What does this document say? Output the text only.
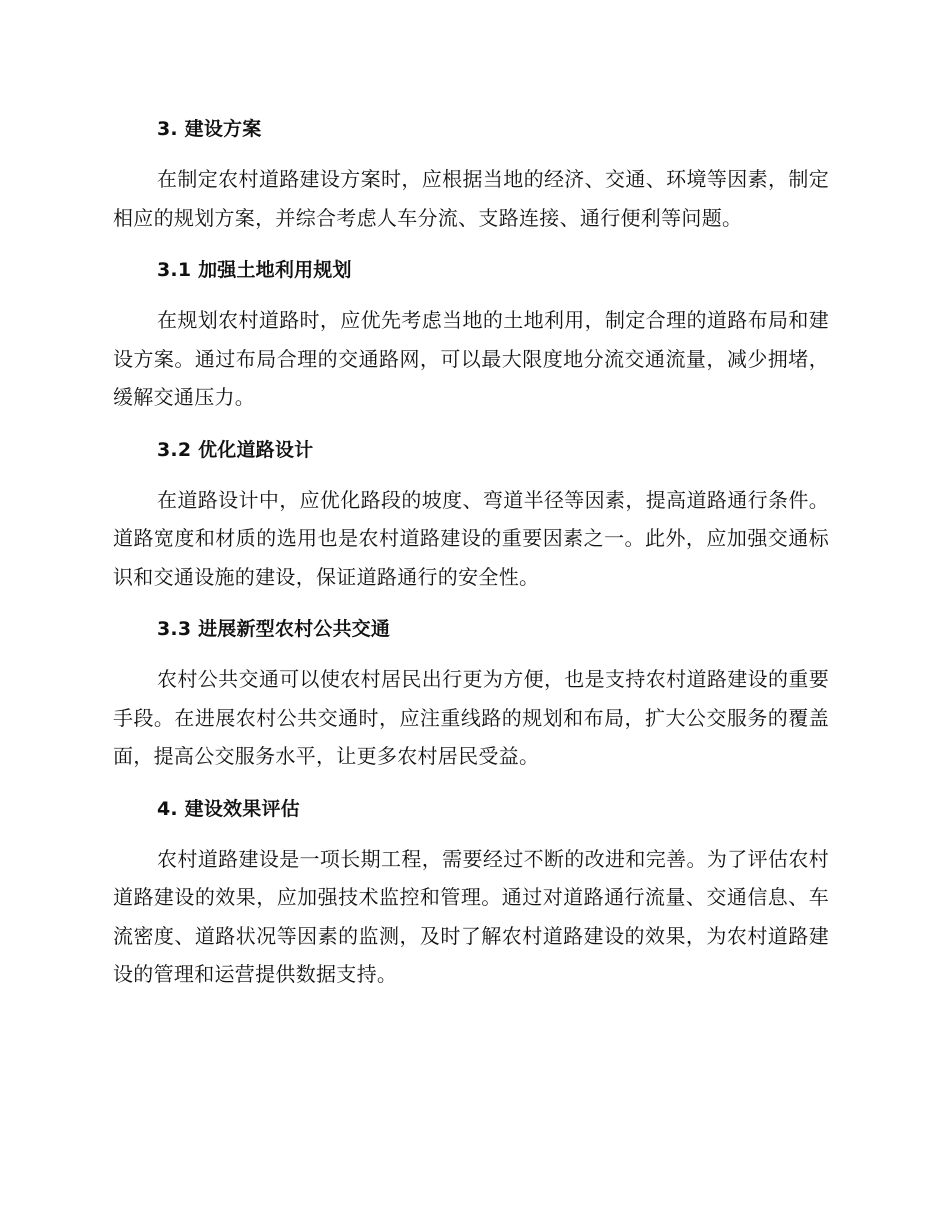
3. 建设方案

在制定农村道路建设方案时，应根据当地的经济、交通、环境等因素，制定相应的规划方案，并综合考虑人车分流、支路连接、通行便利等问题。

3.1 加强土地利用规划

在规划农村道路时，应优先考虑当地的土地利用，制定合理的道路布局和建设方案。通过布局合理的交通路网，可以最大限度地分流交通流量，减少拥堵，缓解交通压力。

3.2 优化道路设计

在道路设计中，应优化路段的坡度、弯道半径等因素，提高道路通行条件。道路宽度和材质的选用也是农村道路建设的重要因素之一。此外，应加强交通标识和交通设施的建设，保证道路通行的安全性。

3.3 进展新型农村公共交通

农村公共交通可以使农村居民出行更为方便，也是支持农村道路建设的重要手段。在进展农村公共交通时，应注重线路的规划和布局，扩大公交服务的覆盖面，提高公交服务水平，让更多农村居民受益。

4. 建设效果评估

农村道路建设是一项长期工程，需要经过不断的改进和完善。为了评估农村道路建设的效果，应加强技术监控和管理。通过对道路通行流量、交通信息、车流密度、道路状况等因素的监测，及时了解农村道路建设的效果，为农村道路建设的管理和运营提供数据支持。
